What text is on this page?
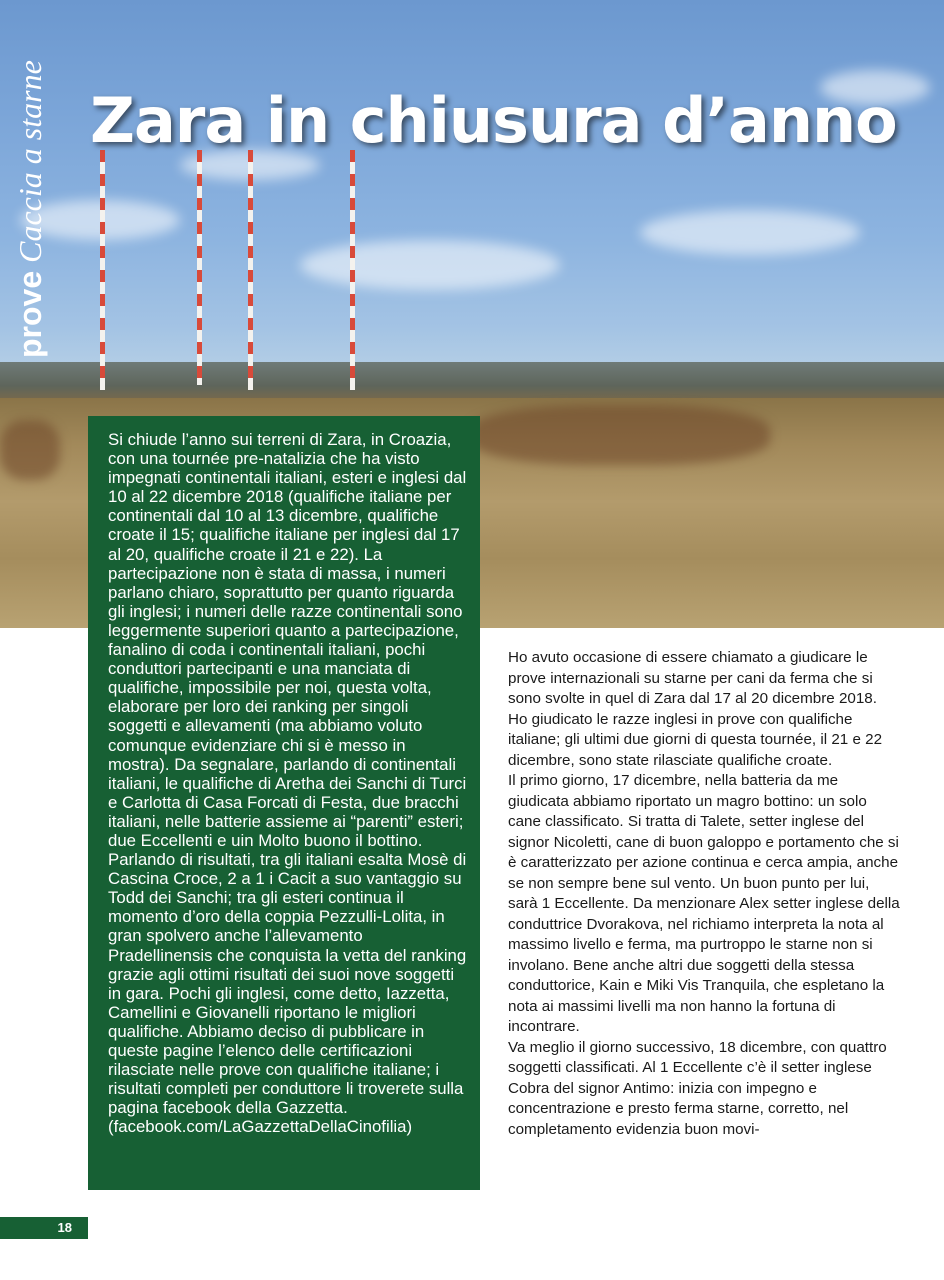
proveCaccia a starne Zara in chiusura d’anno

Si chiude l’anno sui terreni di Zara, in Croazia, con una tournée pre-natalizia che ha visto impegnati continentali italiani, esteri e inglesi dal 10 al 22 dicembre 2018 (qualifiche italiane per continentali dal 10 al 13 dicembre, qualifiche croate il 15; qualifiche italiane per inglesi dal 17 al 20, qualifiche croate il 21 e 22). La partecipazione non è stata di massa, i numeri parlano chiaro, soprattutto per quanto riguarda gli inglesi; i numeri delle razze continentali sono leggermente superiori quanto a partecipazione, fanalino di coda i continentali italiani, pochi conduttori partecipanti e una manciata di qualifiche, impossibile per noi, questa volta, elaborare per loro dei ranking per singoli soggetti e allevamenti (ma abbiamo voluto comunque evidenziare chi si è messo in mostra). Da segnalare, parlando di continentali italiani, le qualifiche di Aretha dei Sanchi di Turci e Carlotta di Casa Forcati di Festa, due bracchi italiani, nelle batterie assieme ai “parenti” esteri; due Eccellenti e uin Molto buono il bottino. Parlando di risultati, tra gli italiani esalta Mosè di Cascina Croce, 2 a 1 i Cacit a suo vantaggio su Todd dei Sanchi; tra gli esteri continua il momento d’oro della coppia Pezzulli-Lolita, in gran spolvero anche l’allevamento Pradellinensis che conquista la vetta del ranking grazie agli ottimi risultati dei suoi nove soggetti in gara. Pochi gli inglesi, come detto, Iazzetta, Camellini e Giovanelli riportano le migliori qualifiche. Abbiamo deciso di pubblicare in queste pagine l’elenco delle certificazioni rilasciate nelle prove con qualifiche italiane; i risultati completi per conduttore li troverete sulla pagina facebook della Gazzetta. (facebook.com/LaGazzettaDellaCinofilia)

Ho avuto occasione di essere chiamato a giudicare le prove internazionali su starne per cani da ferma che si sono svolte in quel di Zara dal 17 al 20 dicembre 2018. Ho giudicato le razze inglesi in prove con qualifiche italiane; gli ultimi due giorni di questa tournée, il 21 e 22 dicembre, sono state rilasciate qualifiche croate.

Il primo giorno, 17 dicembre, nella batteria da me giudicata abbiamo riportato un magro bottino: un solo cane classificato. Si tratta di Talete, setter inglese del signor Nicoletti, cane di buon galoppo e portamento che si è caratterizzato per azione continua e cerca ampia, anche se non sempre bene sul vento. Un buon punto per lui, sarà 1 Eccellente. Da menzionare Alex setter inglese della conduttrice Dvorakova, nel richiamo interpreta la nota al massimo livello e ferma, ma purtroppo le starne non si involano. Bene anche altri due soggetti della stessa conduttorice, Kain e Miki Vis Tranquila, che espletano la nota ai massimi livelli ma non hanno la fortuna di incontrare.

Va meglio il giorno successivo, 18 dicembre, con quattro soggetti classificati. Al 1 Eccellente c’è il setter inglese Cobra del signor Antimo: inizia con impegno e concentrazione e presto ferma starne, corretto, nel completamento evidenzia buon movi-

18
